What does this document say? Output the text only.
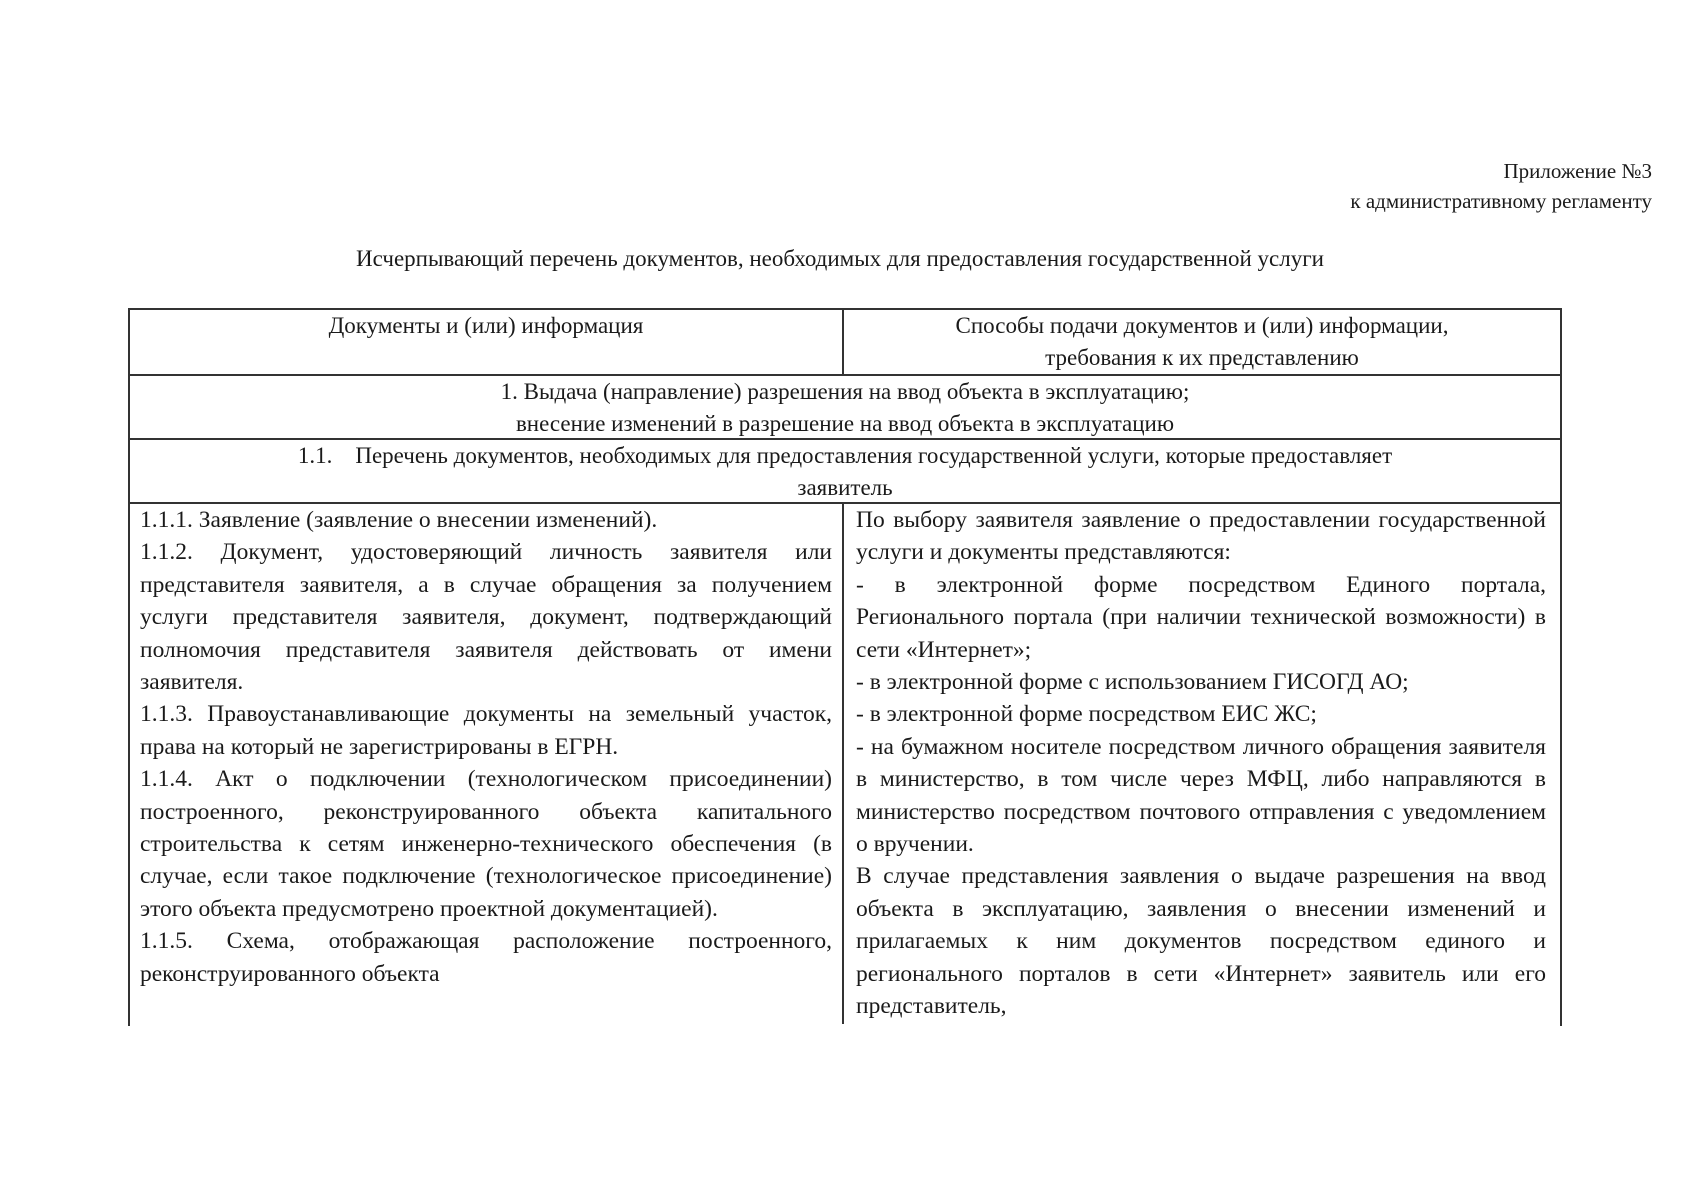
Приложение №3
к административному регламенту
Исчерпывающий перечень документов, необходимых для предоставления государственной услуги
Документы и (или) информация	Способы подачи документов и (или) информации,
требования к их представлению
1. Выдача (направление) разрешения на ввод объекта в эксплуатацию;
внесение изменений в разрешение на ввод объекта в эксплуатацию
1.1.    Перечень документов, необходимых для предоставления государственной услуги, которые предоставляет
заявитель

1.1.1. Заявление (заявление о внесении изменений).

1.1.2. Документ, удостоверяющий личность заявителя или представителя заявителя, а в случае обращения за получением услуги представителя заявителя, документ, подтверждающий полномочия представителя заявителя действовать от имени заявителя.

1.1.3. Правоустанавливающие документы на земельный участок, права на который не зарегистрированы в ЕГРН.

1.1.4. Акт о подключении (технологическом присоединении) построенного, реконструированного объекта капитального строительства к сетям инженерно-технического обеспечения (в случае, если такое подключение (технологическое присоединение) этого объекта предусмотрено проектной документацией).

1.1.5. Схема, отображающая расположение построенного, реконструированного объекта

По выбору заявителя заявление о предоставлении государственной услуги и документы представляются:

- в электронной форме посредством Единого портала, Регионального портала (при наличии технической возможности) в сети «Интернет»;

- в электронной форме с использованием ГИСОГД АО;

- в электронной форме посредством ЕИС ЖС;

- на бумажном носителе посредством личного обращения заявителя в министерство, в том числе через МФЦ, либо направляются в министерство посредством почтового отправления с уведомлением о вручении.

В случае представления заявления о выдаче разрешения на ввод объекта в эксплуатацию, заявления о внесении изменений и прилагаемых к ним документов посредством единого и регионального порталов в сети «Интернет» заявитель или его представитель,
